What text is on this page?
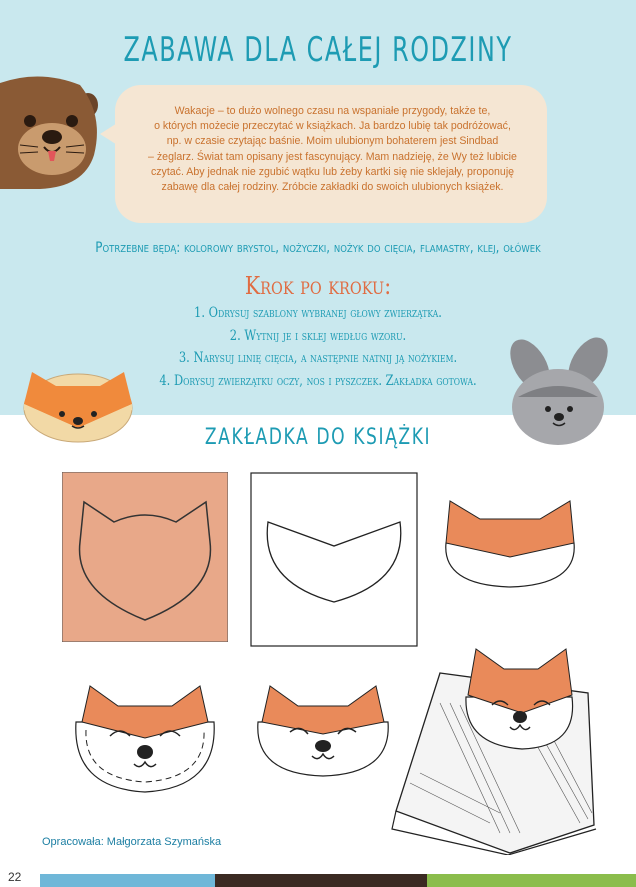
ZABAWA DLA CAŁEJ RODZINY
Wakacje – to dużo wolnego czasu na wspaniałe przygody, także te,
o których możecie przeczytać w książkach. Ja bardzo lubię tak podróżować,
np. w czasie czytając baśnie. Moim ulubionym bohaterem jest Sindbad
– żeglarz. Świat tam opisany jest fascynujący. Mam nadzieję, że Wy też lubicie
czytać. Aby jednak nie zgubić wątku lub żeby kartki się nie sklejały, proponuję
zabawę dla całej rodziny. Zróbcie zakładki do swoich ulubionych książek.
Potrzebne będą: kolorowy brystol, nożyczki, nożyk do cięcia, flamastry, klej, ołówek
Krok po kroku:
1. Odrysuj szablony wybranej głowy zwierzątka.
2. Wytnij je i sklej według wzoru.
3. Narysuj linię cięcia, a następnie natnij ją nożykiem.
4. Dorysuj zwierzątku oczy, nos i pyszczek. Zakładka gotowa.
ZAKŁADKA DO KSIĄŻKI
Opracowała: Małgorzata Szymańska
22
